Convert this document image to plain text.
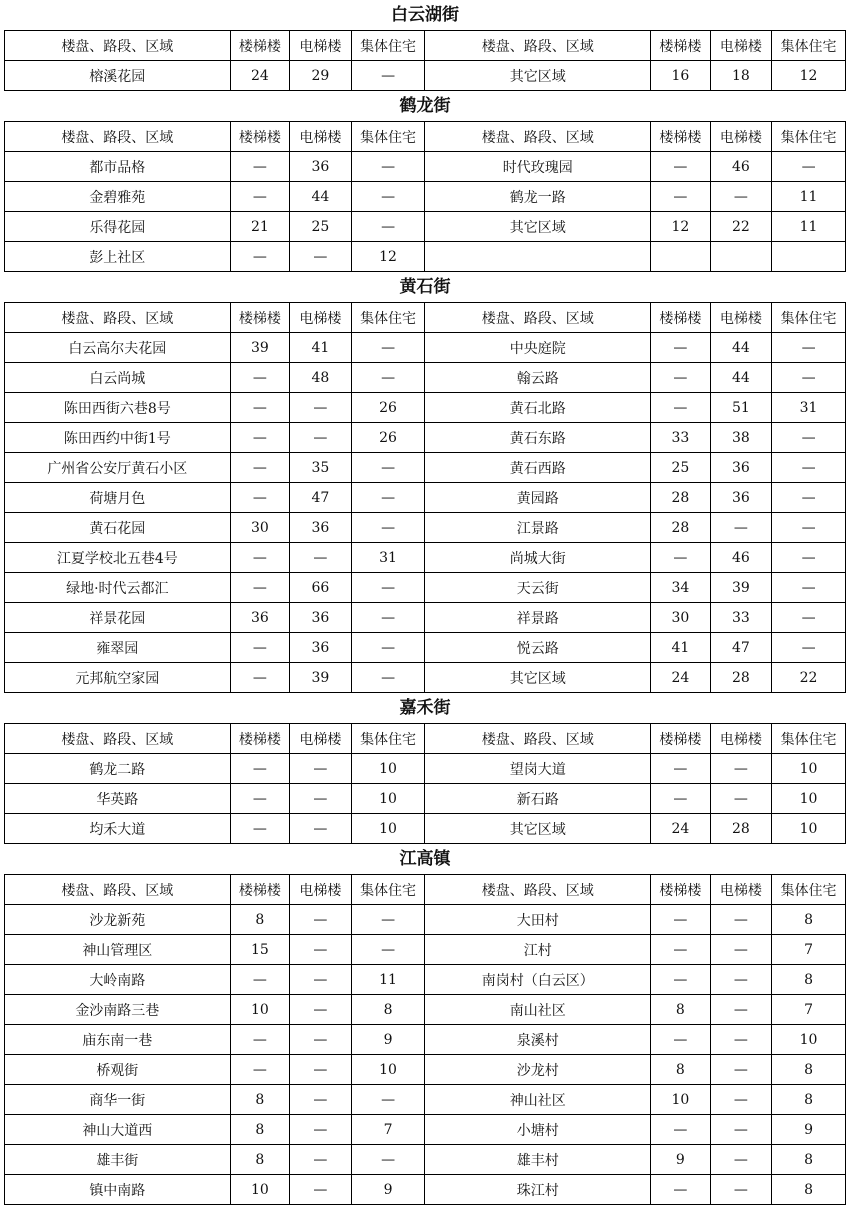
白云湖街
楼盘、路段、区域	楼梯楼	电梯楼	集体住宅	楼盘、路段、区域	楼梯楼	电梯楼	集体住宅
榕溪花园	24	29	—	其它区域	16	18	12
鹤龙街
楼盘、路段、区域	楼梯楼	电梯楼	集体住宅	楼盘、路段、区域	楼梯楼	电梯楼	集体住宅
都市品格	—	36	—	时代玫瑰园	—	46	—
金碧雅苑	—	44	—	鹤龙一路	—	—	11
乐得花园	21	25	—	其它区域	12	22	11
彭上社区	—	—	12				
黄石街
楼盘、路段、区域	楼梯楼	电梯楼	集体住宅	楼盘、路段、区域	楼梯楼	电梯楼	集体住宅
白云高尔夫花园	39	41	—	中央庭院	—	44	—
白云尚城	—	48	—	翰云路	—	44	—
陈田西街六巷8号	—	—	26	黄石北路	—	51	31
陈田西约中街1号	—	—	26	黄石东路	33	38	—
广州省公安厅黄石小区	—	35	—	黄石西路	25	36	—
荷塘月色	—	47	—	黄园路	28	36	—
黄石花园	30	36	—	江景路	28	—	—
江夏学校北五巷4号	—	—	31	尚城大街	—	46	—
绿地·时代云都汇	—	66	—	天云街	34	39	—
祥景花园	36	36	—	祥景路	30	33	—
雍翠园	—	36	—	悦云路	41	47	—
元邦航空家园	—	39	—	其它区域	24	28	22
嘉禾街
楼盘、路段、区域	楼梯楼	电梯楼	集体住宅	楼盘、路段、区域	楼梯楼	电梯楼	集体住宅
鹤龙二路	—	—	10	望岗大道	—	—	10
华英路	—	—	10	新石路	—	—	10
均禾大道	—	—	10	其它区域	24	28	10
江高镇
楼盘、路段、区域	楼梯楼	电梯楼	集体住宅	楼盘、路段、区域	楼梯楼	电梯楼	集体住宅
沙龙新苑	8	—	—	大田村	—	—	8
神山管理区	15	—	—	江村	—	—	7
大岭南路	—	—	11	南岗村（白云区）	—	—	8
金沙南路三巷	10	—	8	南山社区	8	—	7
庙东南一巷	—	—	9	泉溪村	—	—	10
桥观街	—	—	10	沙龙村	8	—	8
商华一街	8	—	—	神山社区	10	—	8
神山大道西	8	—	7	小塘村	—	—	9
雄丰街	8	—	—	雄丰村	9	—	8
镇中南路	10	—	9	珠江村	—	—	8
